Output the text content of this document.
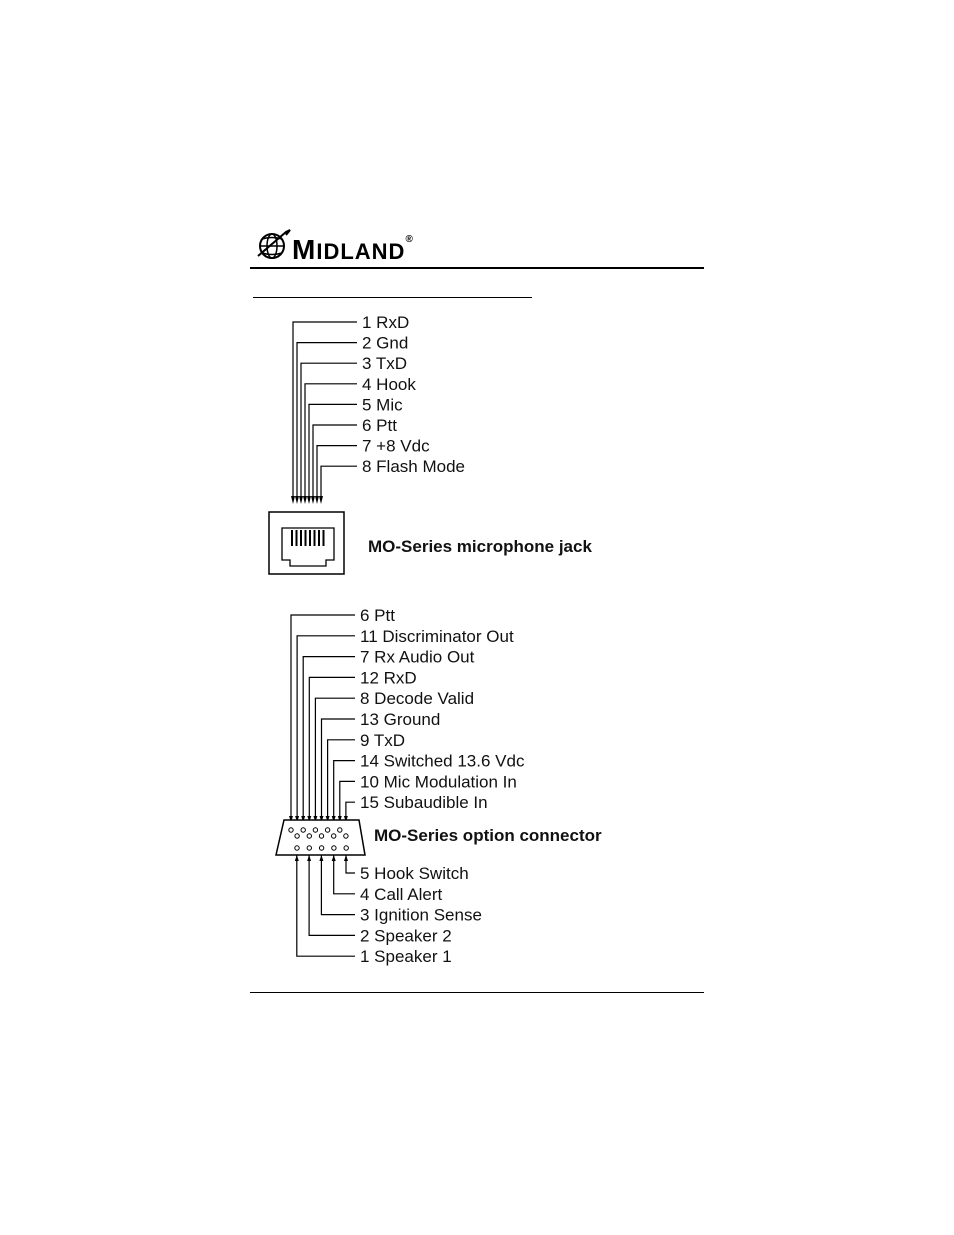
MIDLAND®
1 RxD
2 Gnd
3 TxD
4 Hook
5 Mic
6 Ptt
7 +8 Vdc
8 Flash Mode
MO-Series microphone jack
6 Ptt
11 Discriminator Out
7 Rx Audio Out
12 RxD
8 Decode Valid
13 Ground
9 TxD
14 Switched 13.6 Vdc
10 Mic Modulation In
15 Subaudible In
5 Hook Switch
4 Call Alert
3 Ignition Sense
2 Speaker 2
1 Speaker 1
MO-Series option connector
